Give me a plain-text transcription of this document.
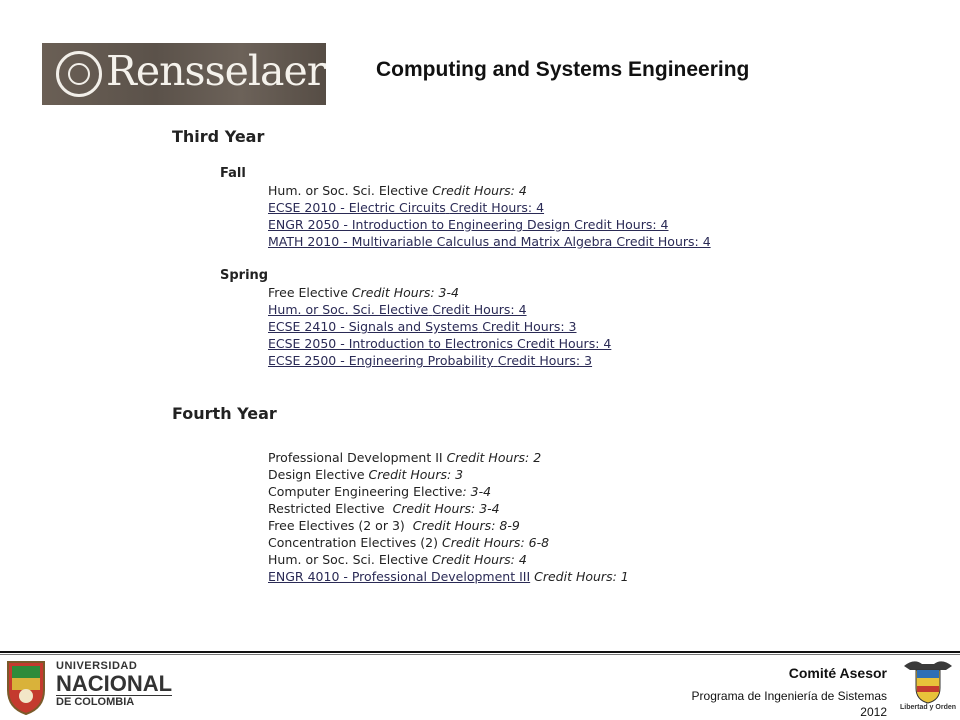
Rensselaer Computing and Systems Engineering
Third Year
Fall
Hum. or Soc. Sci. Elective Credit Hours: 4
ECSE 2010 - Electric Circuits Credit Hours: 4
ENGR 2050 - Introduction to Engineering Design Credit Hours: 4
MATH 2010 - Multivariable Calculus and Matrix Algebra Credit Hours: 4
Spring
Free Elective Credit Hours: 3-4
Hum. or Soc. Sci. Elective Credit Hours: 4
ECSE 2410 - Signals and Systems Credit Hours: 3
ECSE 2050 - Introduction to Electronics Credit Hours: 4
ECSE 2500 - Engineering Probability Credit Hours: 3
Fourth Year
Professional Development II Credit Hours: 2
Design Elective Credit Hours: 3
Computer Engineering Elective: 3-4
Restricted Elective Credit Hours: 3-4
Free Electives (2 or 3) Credit Hours: 8-9
Concentration Electives (2) Credit Hours: 6-8
Hum. or Soc. Sci. Elective Credit Hours: 4
ENGR 4010 - Professional Development III Credit Hours: 1
UNIVERSIDAD
NACIONAL
DE COLOMBIA
Comité Asesor
Programa de Ingeniería de Sistemas
2012 Libertad y Orden
